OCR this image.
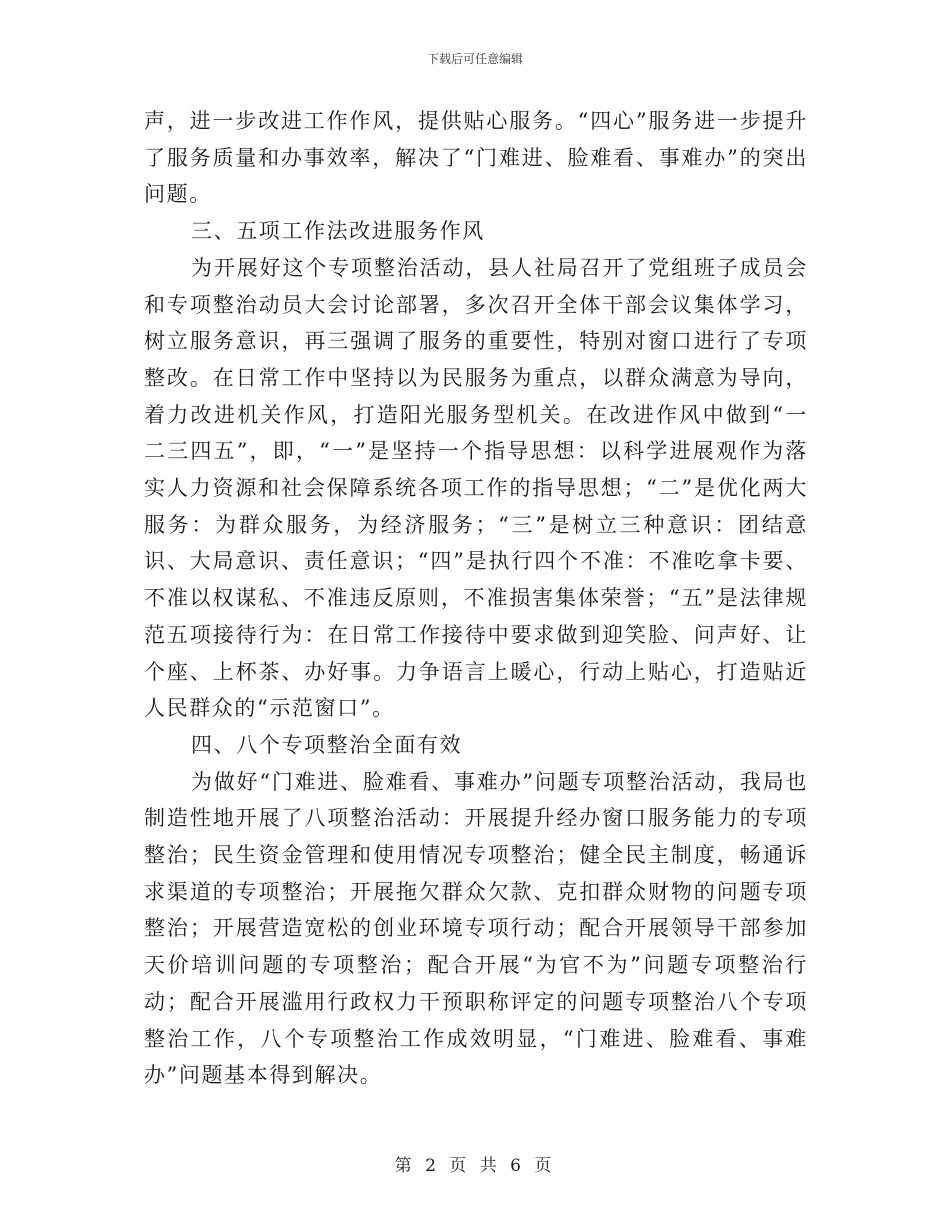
下载后可任意编辑

声，进一步改进工作作风，提供贴心服务。“四心”服务进一步提升了服务质量和办事效率，解决了“门难进、脸难看、事难办”的突出问题。

三、五项工作法改进服务作风

为开展好这个专项整治活动，县人社局召开了党组班子成员会和专项整治动员大会讨论部署，多次召开全体干部会议集体学习，树立服务意识，再三强调了服务的重要性，特别对窗口进行了专项整改。在日常工作中坚持以为民服务为重点，以群众满意为导向，着力改进机关作风，打造阳光服务型机关。在改进作风中做到“一二三四五”，即，“一”是坚持一个指导思想：以科学进展观作为落实人力资源和社会保障系统各项工作的指导思想；“二”是优化两大服务：为群众服务，为经济服务；“三”是树立三种意识：团结意识、大局意识、责任意识；“四”是执行四个不准：不准吃拿卡要、不准以权谋私、不准违反原则，不准损害集体荣誉；“五”是法律规范五项接待行为：在日常工作接待中要求做到迎笑脸、问声好、让个座、上杯茶、办好事。力争语言上暖心，行动上贴心，打造贴近人民群众的“示范窗口”。

四、八个专项整治全面有效

为做好“门难进、脸难看、事难办”问题专项整治活动，我局也制造性地开展了八项整治活动：开展提升经办窗口服务能力的专项整治；民生资金管理和使用情况专项整治；健全民主制度，畅通诉求渠道的专项整治；开展拖欠群众欠款、克扣群众财物的问题专项整治；开展营造宽松的创业环境专项行动；配合开展领导干部参加天价培训问题的专项整治；配合开展“为官不为”问题专项整治行动；配合开展滥用行政权力干预职称评定的问题专项整治八个专项整治工作，八个专项整治工作成效明显，“门难进、脸难看、事难办”问题基本得到解决。

第 2 页 共 6 页
